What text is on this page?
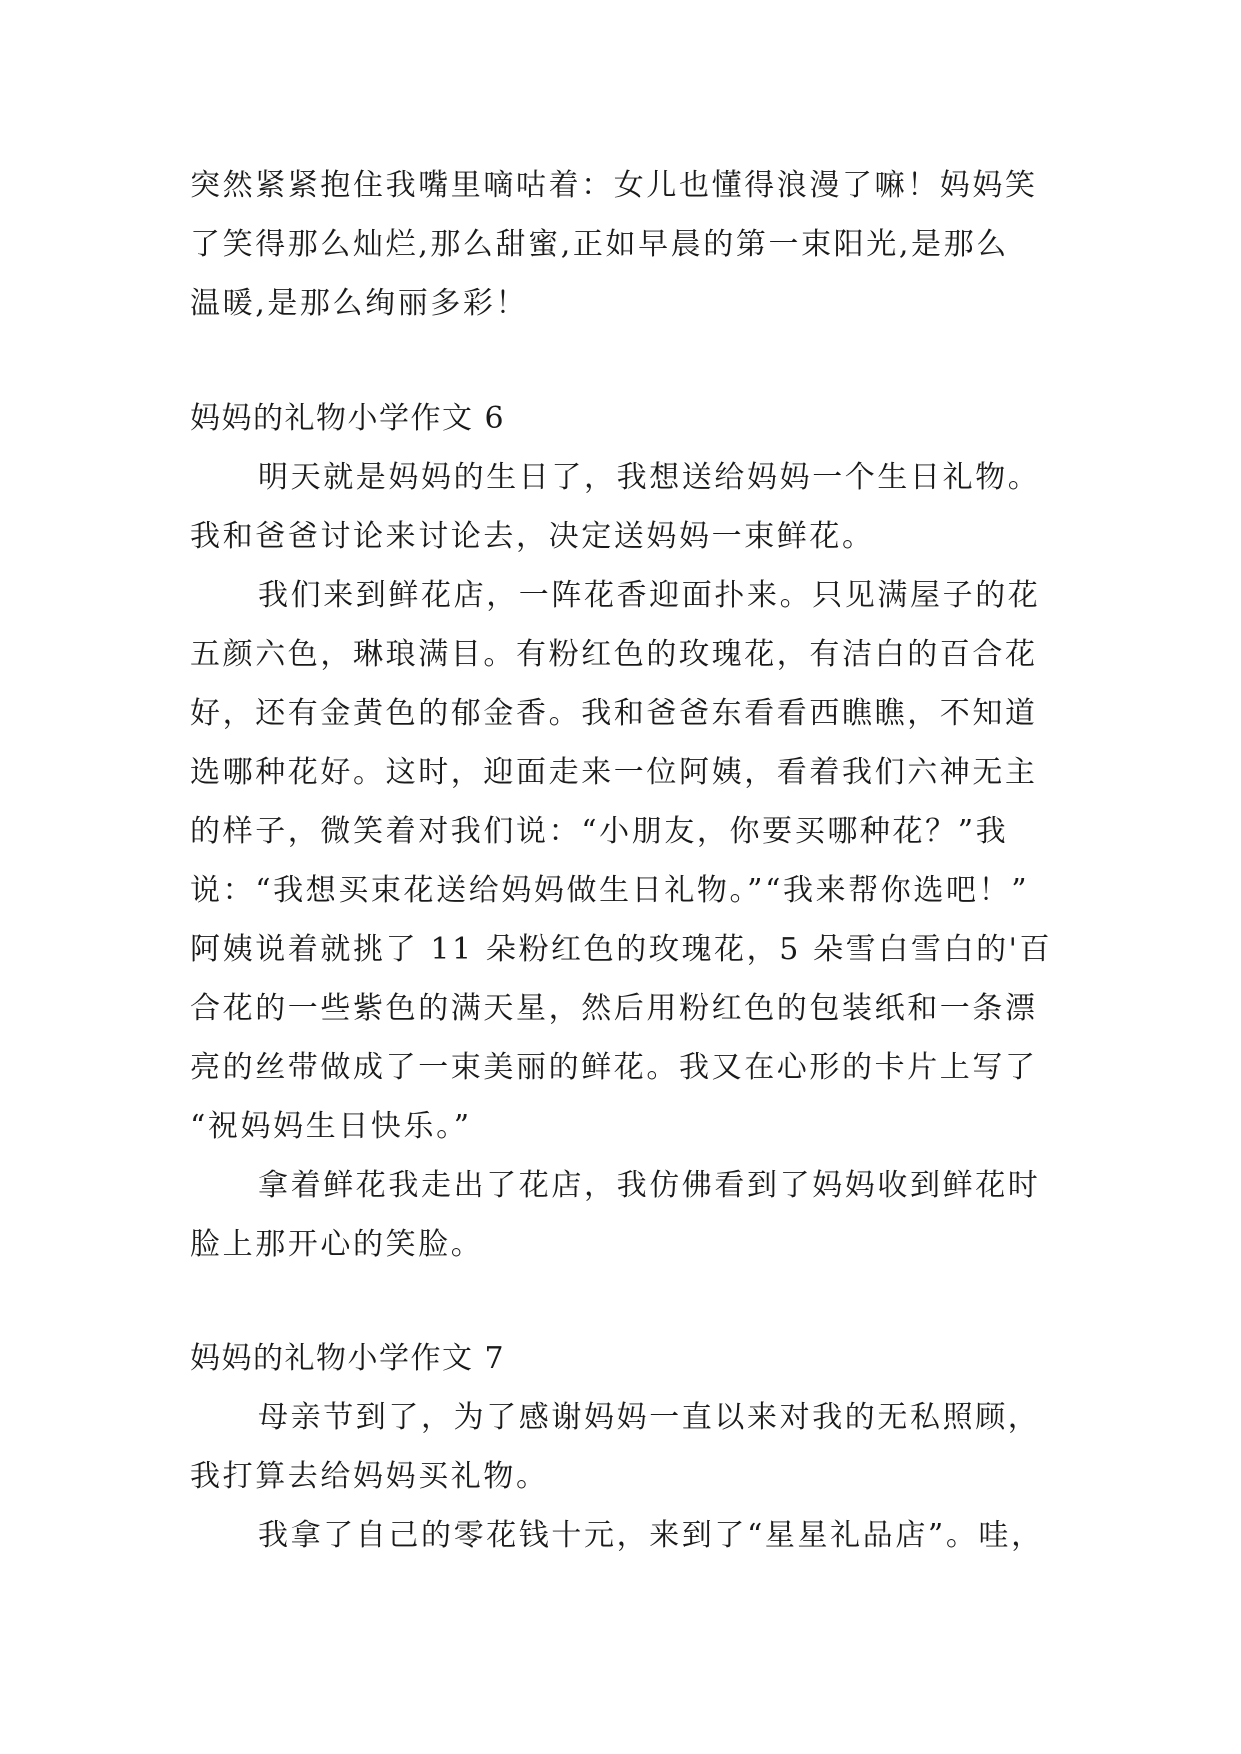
突然紧紧抱住我嘴里嘀咕着：女儿也懂得浪漫了嘛！妈妈笑
了笑得那么灿烂,那么甜蜜,正如早晨的第一束阳光,是那么
温暖,是那么绚丽多彩！
妈妈的礼物小学作文 6
明天就是妈妈的生日了，我想送给妈妈一个生日礼物。
我和爸爸讨论来讨论去，决定送妈妈一束鲜花。
我们来到鲜花店，一阵花香迎面扑来。只见满屋子的花
五颜六色，琳琅满目。有粉红色的玫瑰花，有洁白的百合花
好，还有金黄色的郁金香。我和爸爸东看看西瞧瞧，不知道
选哪种花好。这时，迎面走来一位阿姨，看着我们六神无主
的样子，微笑着对我们说：“小朋友，你要买哪种花？”我
说：“我想买束花送给妈妈做生日礼物。”“我来帮你选吧！”
阿姨说着就挑了 11 朵粉红色的玫瑰花，5 朵雪白雪白的'百
合花的一些紫色的满天星，然后用粉红色的包装纸和一条漂
亮的丝带做成了一束美丽的鲜花。我又在心形的卡片上写了
“祝妈妈生日快乐。”
拿着鲜花我走出了花店，我仿佛看到了妈妈收到鲜花时
脸上那开心的笑脸。
妈妈的礼物小学作文 7
母亲节到了，为了感谢妈妈一直以来对我的无私照顾，
我打算去给妈妈买礼物。
我拿了自己的零花钱十元，来到了“星星礼品店”。哇，
